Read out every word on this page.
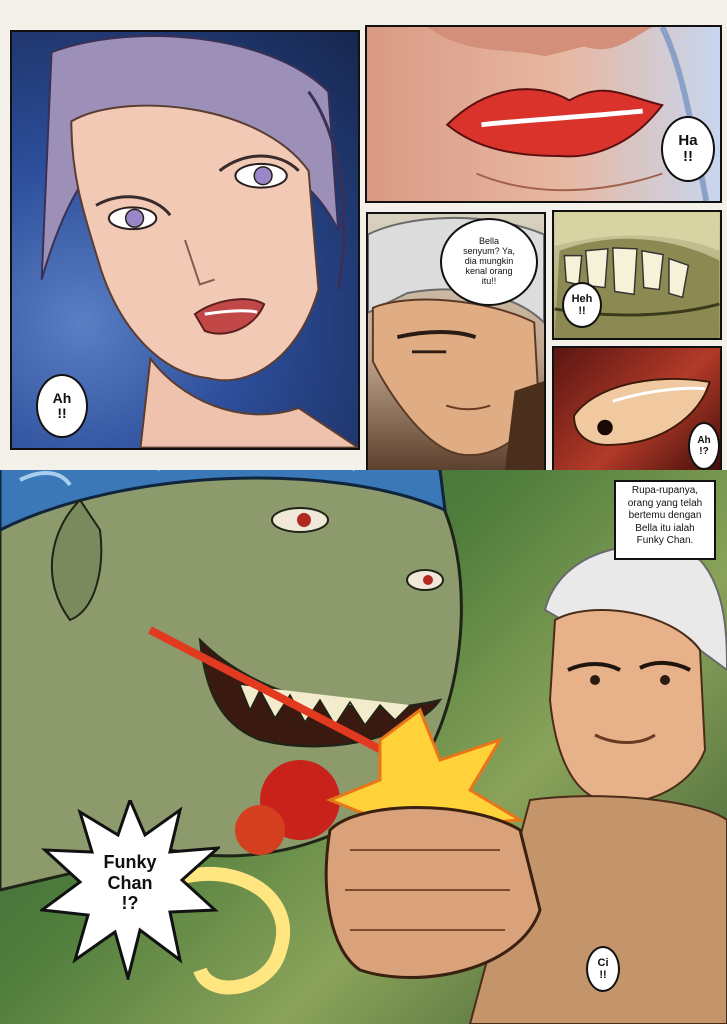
Ah
!!
Ha
!!
Bella
senyum? Ya,
dia mungkin
kenal orang
itu!!
Heh
!!
Ah
!?
Rupa-rupanya,
orang yang telah
bertemu dengan
Bella itu ialah
Funky Chan.
Ci
!!
Funky
Chan
!?
